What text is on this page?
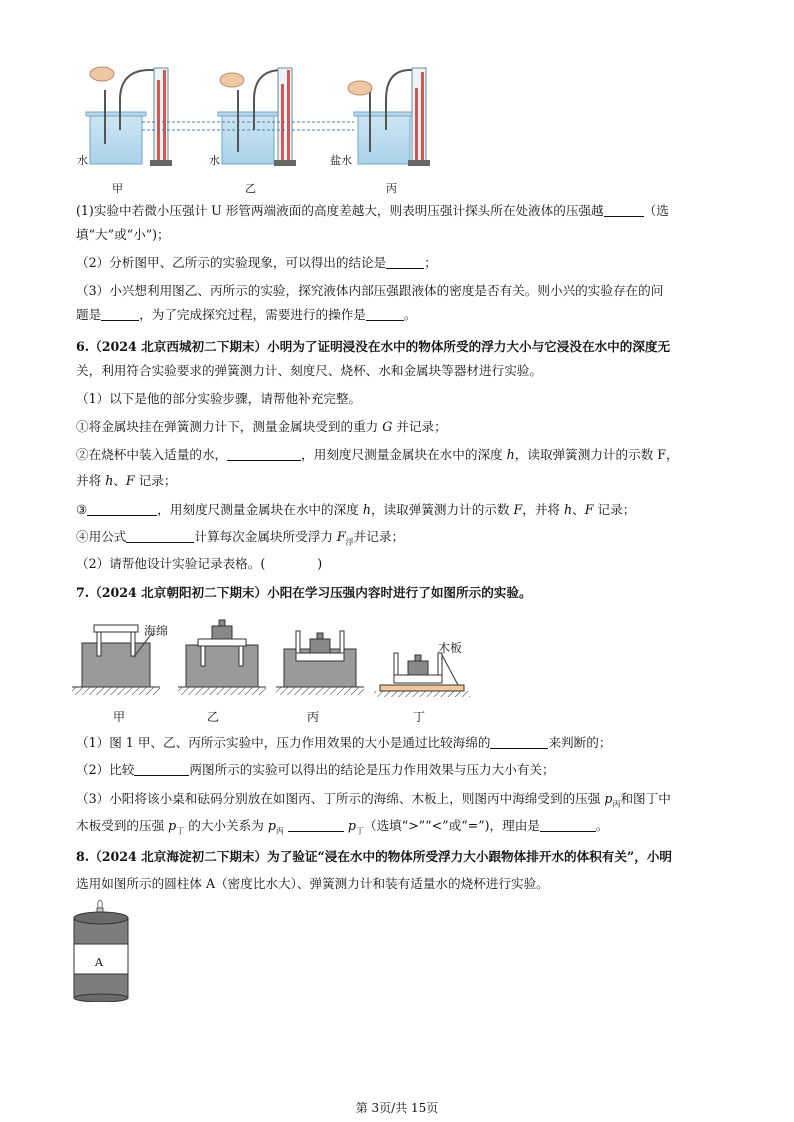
水	水	盐水
甲	乙	丙
(1)实验中若微小压强计 U 形管两端液面的高度差越大，则表明压强计探头所在处液体的压强越	（选
填“大”或“小”)；
（2）分析图甲、乙所示的实验现象，可以得出的结论是	；
（3）小兴想利用图乙、丙所示的实验，探究液体内部压强跟液体的密度是否有关。则小兴的实验存在的问
题是	，为了完成探究过程，需要进行的操作是	。
6.（2024 北京西城初二下期末）小明为了证明浸没在水中的物体所受的浮力大小与它浸没在水中的深度无
关，利用符合实验要求的弹簧测力计、刻度尺、烧杯、水和金属块等器材进行实验。
（1）以下是他的部分实验步骤，请帮他补充完整。
①将金属块挂在弹簧测力计下，测量金属块受到的重力 G 并记录；
②在烧杯中装入适量的水，	，用刻度尺测量金属块在水中的深度 h，读取弹簧测力计的示数 F，
并将 h、F 记录；
③	，用刻度尺测量金属块在水中的深度 h，读取弹簧测力计的示数 F，并将 h、F 记录；
④用公式	计算每次金属块所受浮力 $F_浮$并记录；
（2）请帮他设计实验记录表格。(	)
7.（2024 北京朝阳初二下期末）小阳在学习压强内容时进行了如图所示的实验。
海绵
木板
甲	乙	丙	丁
（1）图 1 甲、乙、丙所示实验中，压力作用效果的大小是通过比较海绵的	来判断的；
（2）比较	两图所示的实验可以得出的结论是压力作用效果与压力大小有关；
（3）小阳将该小桌和砝码分别放在如图丙、丁所示的海绵、木板上，则图丙中海绵受到的压强 $p_丙$和图丁中
木板受到的压强 $p_丁$ 的大小关系为 $p_丙$	$p_丁$（选填“>”“<”或“=”)，理由是	。
8.（2024 北京海淀初二下期末）为了验证“浸在水中的物体所受浮力大小跟物体排开水的体积有关”，小明
选用如图所示的圆柱体 A（密度比水大）、弹簧测力计和装有适量水的烧杯进行实验。
A
第 3页/共 15页
